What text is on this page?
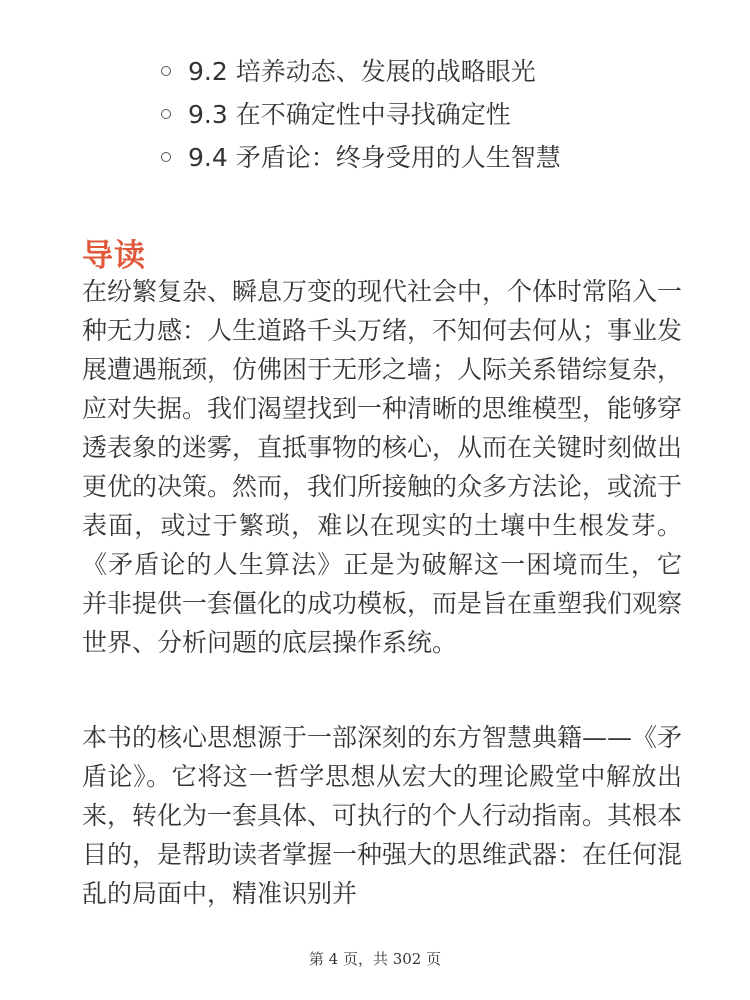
9.2 培养动态、发展的战略眼光
9.3 在不确定性中寻找确定性
9.4 矛盾论：终身受用的人生智慧
导读

在纷繁复杂、瞬息万变的现代社会中，个体时常陷入一种无力感：人生道路千头万绪，不知何去何从；事业发展遭遇瓶颈，仿佛困于无形之墙；人际关系错综复杂，应对失据。我们渴望找到一种清晰的思维模型，能够穿透表象的迷雾，直抵事物的核心，从而在关键时刻做出更优的决策。然而，我们所接触的众多方法论，或流于表面，或过于繁琐，难以在现实的土壤中生根发芽。《矛盾论的人生算法》正是为破解这一困境而生，它并非提供一套僵化的成功模板，而是旨在重塑我们观察世界、分析问题的底层操作系统。

本书的核心思想源于一部深刻的东方智慧典籍——《矛盾论》。它将这一哲学思想从宏大的理论殿堂中解放出来，转化为一套具体、可执行的个人行动指南。其根本目的，是帮助读者掌握一种强大的思维武器：在任何混乱的局面中，精准识别并

第 4 页，共 302 页
